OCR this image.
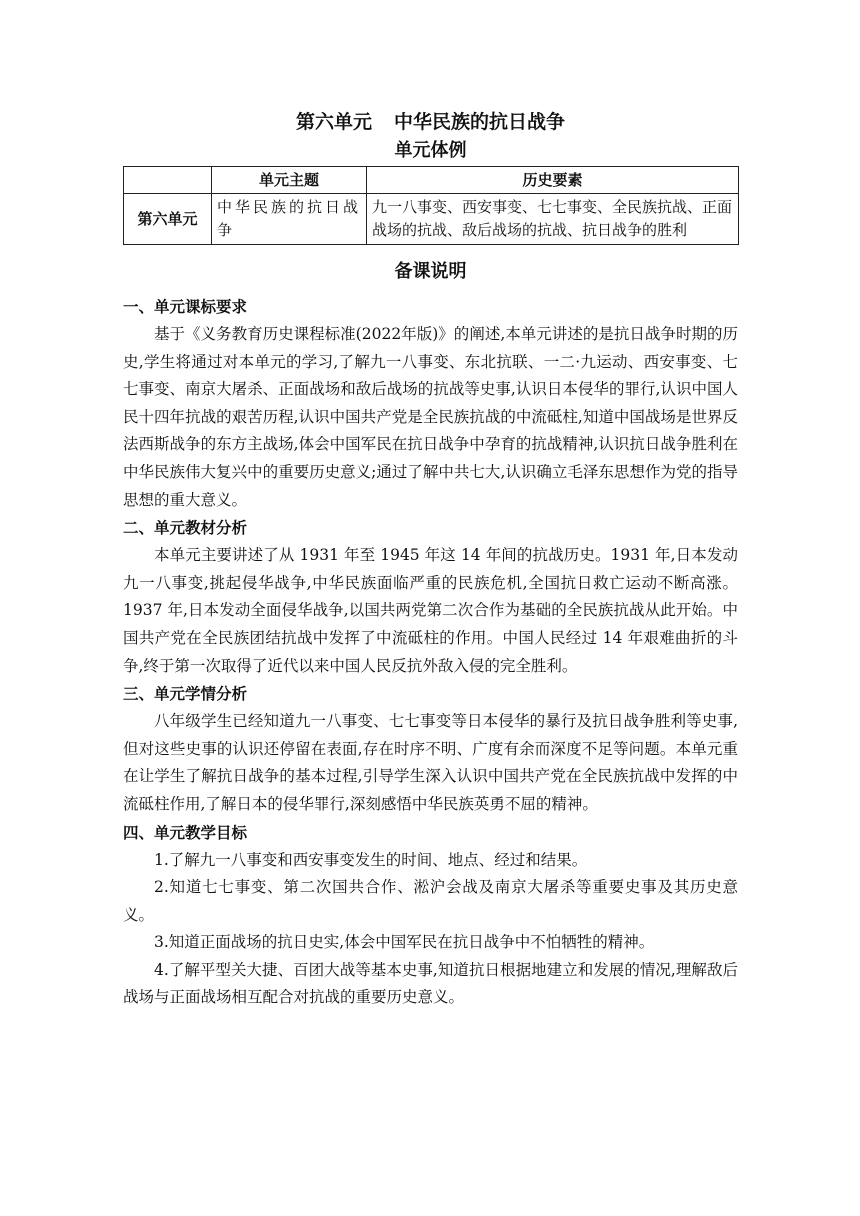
第六单元 中华民族的抗日战争
单元体例
	单元主题	历史要素
第六单元	中华民族的抗日战争	九一八事变、西安事变、七七事变、全民族抗战、正面战场的抗战、敌后战场的抗战、抗日战争的胜利
备课说明
一、单元课标要求

基于《义务教育历史课程标准(2022年版)》的阐述,本单元讲述的是抗日战争时期的历史,学生将通过对本单元的学习,了解九一八事变、东北抗联、一二·九运动、西安事变、七七事变、南京大屠杀、正面战场和敌后战场的抗战等史事,认识日本侵华的罪行,认识中国人民十四年抗战的艰苦历程,认识中国共产党是全民族抗战的中流砥柱,知道中国战场是世界反法西斯战争的东方主战场,体会中国军民在抗日战争中孕育的抗战精神,认识抗日战争胜利在中华民族伟大复兴中的重要历史意义;通过了解中共七大,认识确立毛泽东思想作为党的指导思想的重大意义。

二、单元教材分析

本单元主要讲述了从 1931 年至 1945 年这 14 年间的抗战历史。1931 年,日本发动九一八事变,挑起侵华战争,中华民族面临严重的民族危机,全国抗日救亡运动不断高涨。1937 年,日本发动全面侵华战争,以国共两党第二次合作为基础的全民族抗战从此开始。中国共产党在全民族团结抗战中发挥了中流砥柱的作用。中国人民经过 14 年艰难曲折的斗争,终于第一次取得了近代以来中国人民反抗外敌入侵的完全胜利。

三、单元学情分析

八年级学生已经知道九一八事变、七七事变等日本侵华的暴行及抗日战争胜利等史事,但对这些史事的认识还停留在表面,存在时序不明、广度有余而深度不足等问题。本单元重在让学生了解抗日战争的基本过程,引导学生深入认识中国共产党在全民族抗战中发挥的中流砥柱作用,了解日本的侵华罪行,深刻感悟中华民族英勇不屈的精神。

四、单元教学目标

1.了解九一八事变和西安事变发生的时间、地点、经过和结果。

2.知道七七事变、第二次国共合作、淞沪会战及南京大屠杀等重要史事及其历史意义。

3.知道正面战场的抗日史实,体会中国军民在抗日战争中不怕牺牲的精神。

4.了解平型关大捷、百团大战等基本史事,知道抗日根据地建立和发展的情况,理解敌后战场与正面战场相互配合对抗战的重要历史意义。
